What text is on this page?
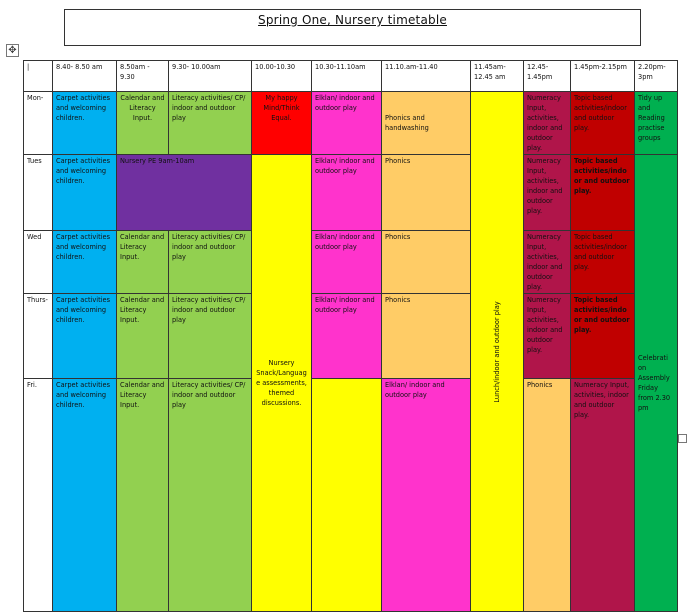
Spring One, Nursery timetable
✥
|	8.40- 8.50 am	8.50am - 9.30	9.30- 10.00am	10.00-10.30	10.30-11.10am	11.10.am-11.40	11.45am-12.45 am	12.45-1.45pm	1.45pm-2.15pm	2.20pm-3pm	
Mon-	Carpet activities and welcoming children.	Calendar and Literacy Input.	Literacy activities/ CP/ indoor and outdoor play	My happy Mind/Think Equal.	Elklan/ indoor and outdoor play	Phonics and handwashing	Lunch/indoor and outdoor play	Numeracy Input, activities, indoor and outdoor play.	Topic based activities/indoor and outdoor play.	Tidy up and Reading practise groups	
Tues	Carpet activities and welcoming children.	Nursery PE 9am-10am		Nursery Snack/Language assessments, themed discussions.	Elklan/ indoor and outdoor play	Phonics		Numeracy Input, activities, indoor and outdoor play.	Topic based activities/indoor and outdoor play.	Celebrati on Assembly Friday from 2.30 pm	
Wed	Carpet activities and welcoming children.	Calendar and Literacy Input.	Literacy activities/ CP/ indoor and outdoor play		Elklan/ indoor and outdoor play	Phonics		Numeracy Input, activities, indoor and outdoor play.	Topic based activities/indoor and outdoor play.		
Thurs-	Carpet activities and welcoming children.	Calendar and Literacy Input.	Literacy activities/ CP/ indoor and outdoor play		Elklan/ indoor and outdoor play	Phonics		Numeracy Input, activities, indoor and outdoor play.	Topic based activities/indoor and outdoor play.		
Fri.	Carpet activities and welcoming children.	Calendar and Literacy Input.	Literacy activities/ CP/ indoor and outdoor play			Elklan/ indoor and outdoor play		Phonics	Numeracy Input, activities, indoor and outdoor play.		
